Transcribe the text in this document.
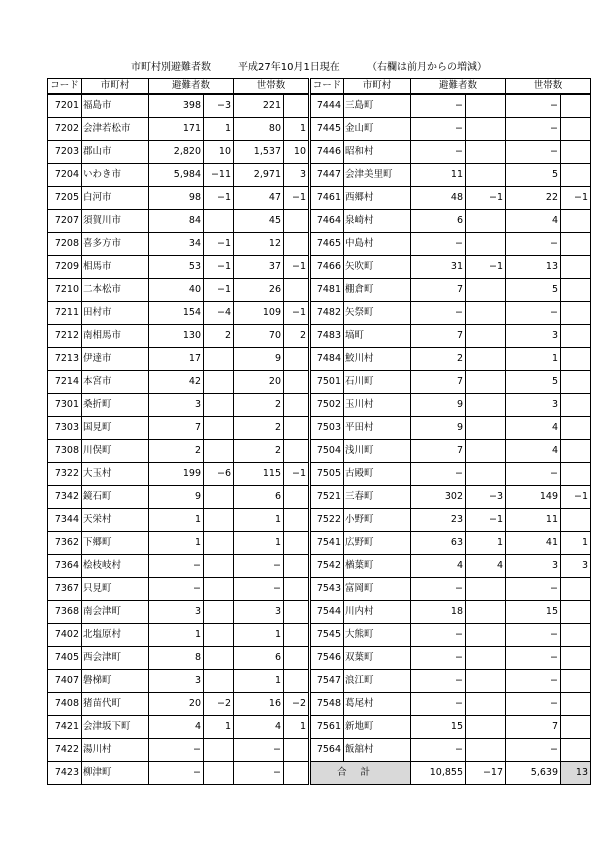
市町村別避難者数	平成27年10月1日現在	（右欄は前月からの増減）
コード	市町村	避難者数		世帯数		コード	市町村	避難者数		世帯数	
7201	福島市	398	−3	221		7444	三島町	−		−	
7202	会津若松市	171	1	80	1	7445	金山町	−		−	
7203	郡山市	2,820	10	1,537	10	7446	昭和村	−		−	
7204	いわき市	5,984	−11	2,971	3	7447	会津美里町	11		5	
7205	白河市	98	−1	47	−1	7461	西郷村	48	−1	22	−1
7207	須賀川市	84		45		7464	泉崎村	6		4	
7208	喜多方市	34	−1	12		7465	中島村	−		−	
7209	相馬市	53	−1	37	−1	7466	矢吹町	31	−1	13	
7210	二本松市	40	−1	26		7481	棚倉町	7		5	
7211	田村市	154	−4	109	−1	7482	矢祭町	−		−	
7212	南相馬市	130	2	70	2	7483	塙町	7		3	
7213	伊達市	17		9		7484	鮫川村	2		1	
7214	本宮市	42		20		7501	石川町	7		5	
7301	桑折町	3		2		7502	玉川村	9		3	
7303	国見町	7		2		7503	平田村	9		4	
7308	川俣町	2		2		7504	浅川町	7		4	
7322	大玉村	199	−6	115	−1	7505	古殿町	−		−	
7342	鏡石町	9		6		7521	三春町	302	−3	149	−1
7344	天栄村	1		1		7522	小野町	23	−1	11	
7362	下郷町	1		1		7541	広野町	63	1	41	1
7364	桧枝岐村	−		−		7542	楢葉町	4	4	3	3
7367	只見町	−		−		7543	富岡町	−		−	
7368	南会津町	3		3		7544	川内村	18		15	
7402	北塩原村	1		1		7545	大熊町	−		−	
7405	西会津町	8		6		7546	双葉町	−		−	
7407	磐梯町	3		1		7547	浪江町	−		−	
7408	猪苗代町	20	−2	16	−2	7548	葛尾村	−		−	
7421	会津坂下町	4	1	4	1	7561	新地町	15		7	
7422	湯川村	−		−		7564	飯舘村	−		−	
7423	柳津町	−		−		合計		10,855	−17	5,639	13
